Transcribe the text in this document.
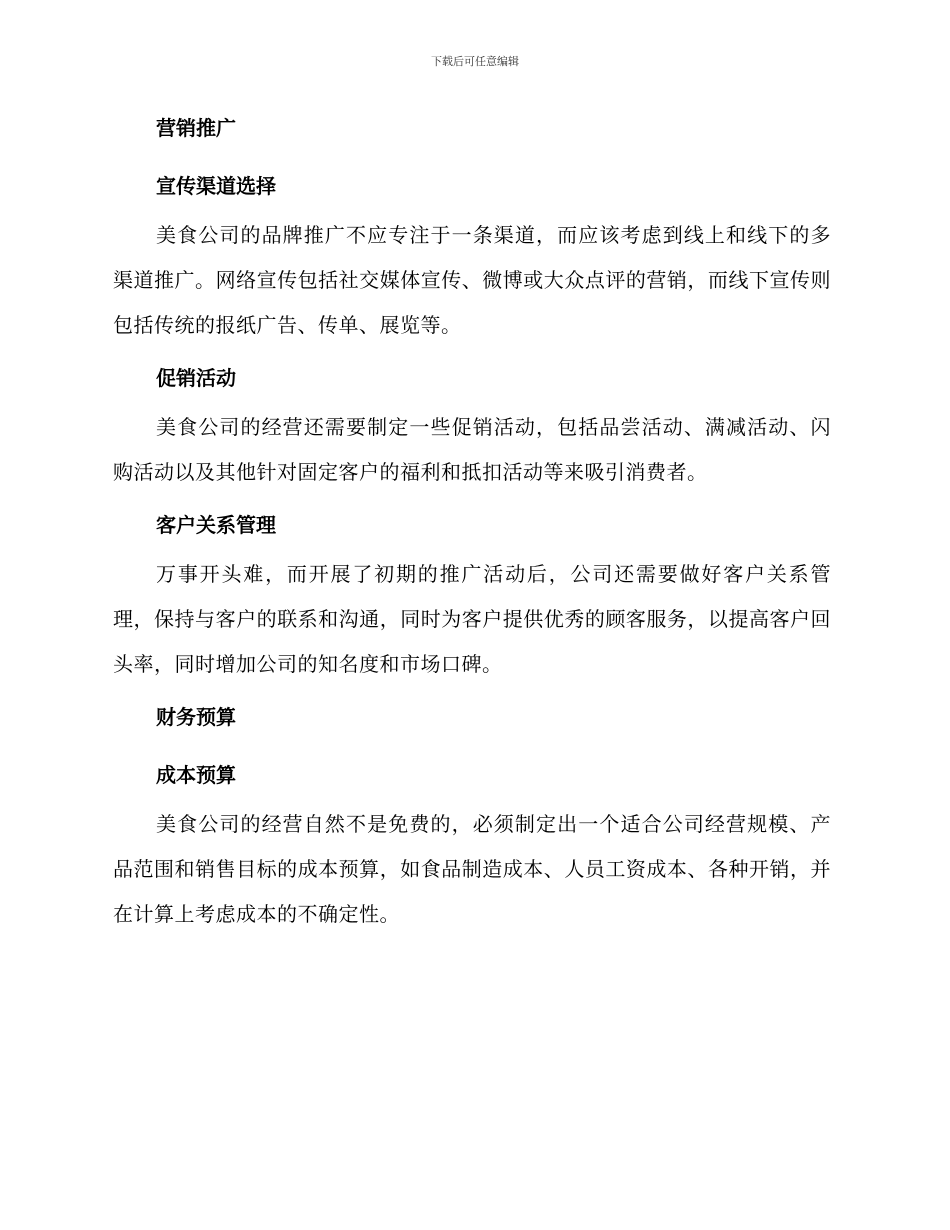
下载后可任意编辑
营销推广
宣传渠道选择

美食公司的品牌推广不应专注于一条渠道，而应该考虑到线上和线下的多渠道推广。网络宣传包括社交媒体宣传、微博或大众点评的营销，而线下宣传则包括传统的报纸广告、传单、展览等。

促销活动

美食公司的经营还需要制定一些促销活动，包括品尝活动、满减活动、闪购活动以及其他针对固定客户的福利和抵扣活动等来吸引消费者。

客户关系管理

万事开头难，而开展了初期的推广活动后，公司还需要做好客户关系管理，保持与客户的联系和沟通，同时为客户提供优秀的顾客服务，以提高客户回头率，同时增加公司的知名度和市场口碑。

财务预算
成本预算

美食公司的经营自然不是免费的，必须制定出一个适合公司经营规模、产品范围和销售目标的成本预算，如食品制造成本、人员工资成本、各种开销，并在计算上考虑成本的不确定性。
